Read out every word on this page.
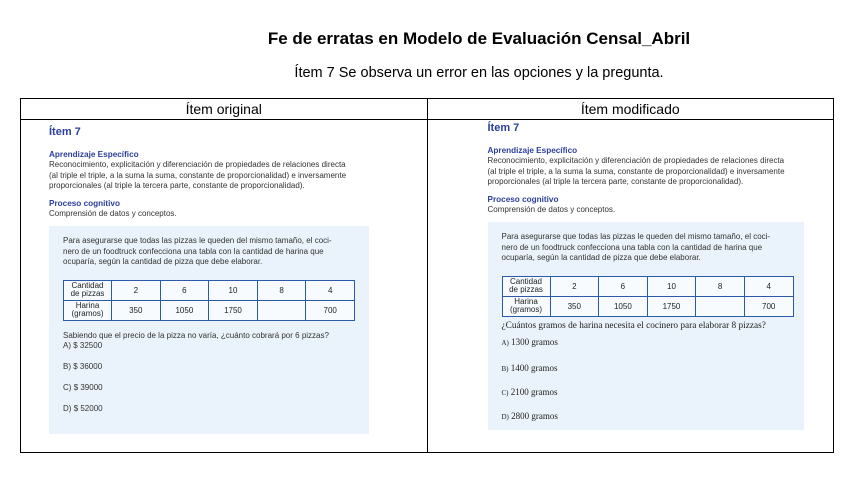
Fe de erratas en Modelo de Evaluación Censal_Abril
Ítem 7 Se observa un error en las opciones y la pregunta.
Ítem original	Ítem modificado

Ítem 7
Aprendizaje Específico
Reconocimiento, explicitación y diferenciación de propiedades de relaciones directa
(al triple el triple, a la suma la suma, constante de proporcionalidad) e inversamente
proporcionales (al triple la tercera parte, constante de proporcionalidad).
Proceso cognitivo
Comprensión de datos y conceptos.
Para asegurarse que todas las pizzas le queden del mismo tamaño, el coci-
nero de un foodtruck confecciona una tabla con la cantidad de harina que
ocuparía, según la cantidad de pizza que debe elaborar.
Cantidad
de pizzas	2	6	10	8	4
Harina
(gramos)	350	1050	1750		700
Sabiendo que el precio de la pizza no varía, ¿cuánto cobrará por 6 pizzas?
A) $ 32500
B) $ 36000
C) $ 39000
D) $ 52000

Ítem 7
Aprendizaje Específico
Reconocimiento, explicitación y diferenciación de propiedades de relaciones directa
(al triple el triple, a la suma la suma, constante de proporcionalidad) e inversamente
proporcionales (al triple la tercera parte, constante de proporcionalidad).
Proceso cognitivo
Comprensión de datos y conceptos.
Para asegurarse que todas las pizzas le queden del mismo tamaño, el coci-
nero de un foodtruck confecciona una tabla con la cantidad de harina que
ocuparía, según la cantidad de pizza que debe elaborar.
Cantidad
de pizzas	2	6	10	8	4
Harina
(gramos)	350	1050	1750		700
¿Cuántos gramos de harina necesita el cocinero para elaborar 8 pizzas?
A) 1300 gramos
B) 1400 gramos
C) 2100 gramos
D) 2800 gramos
